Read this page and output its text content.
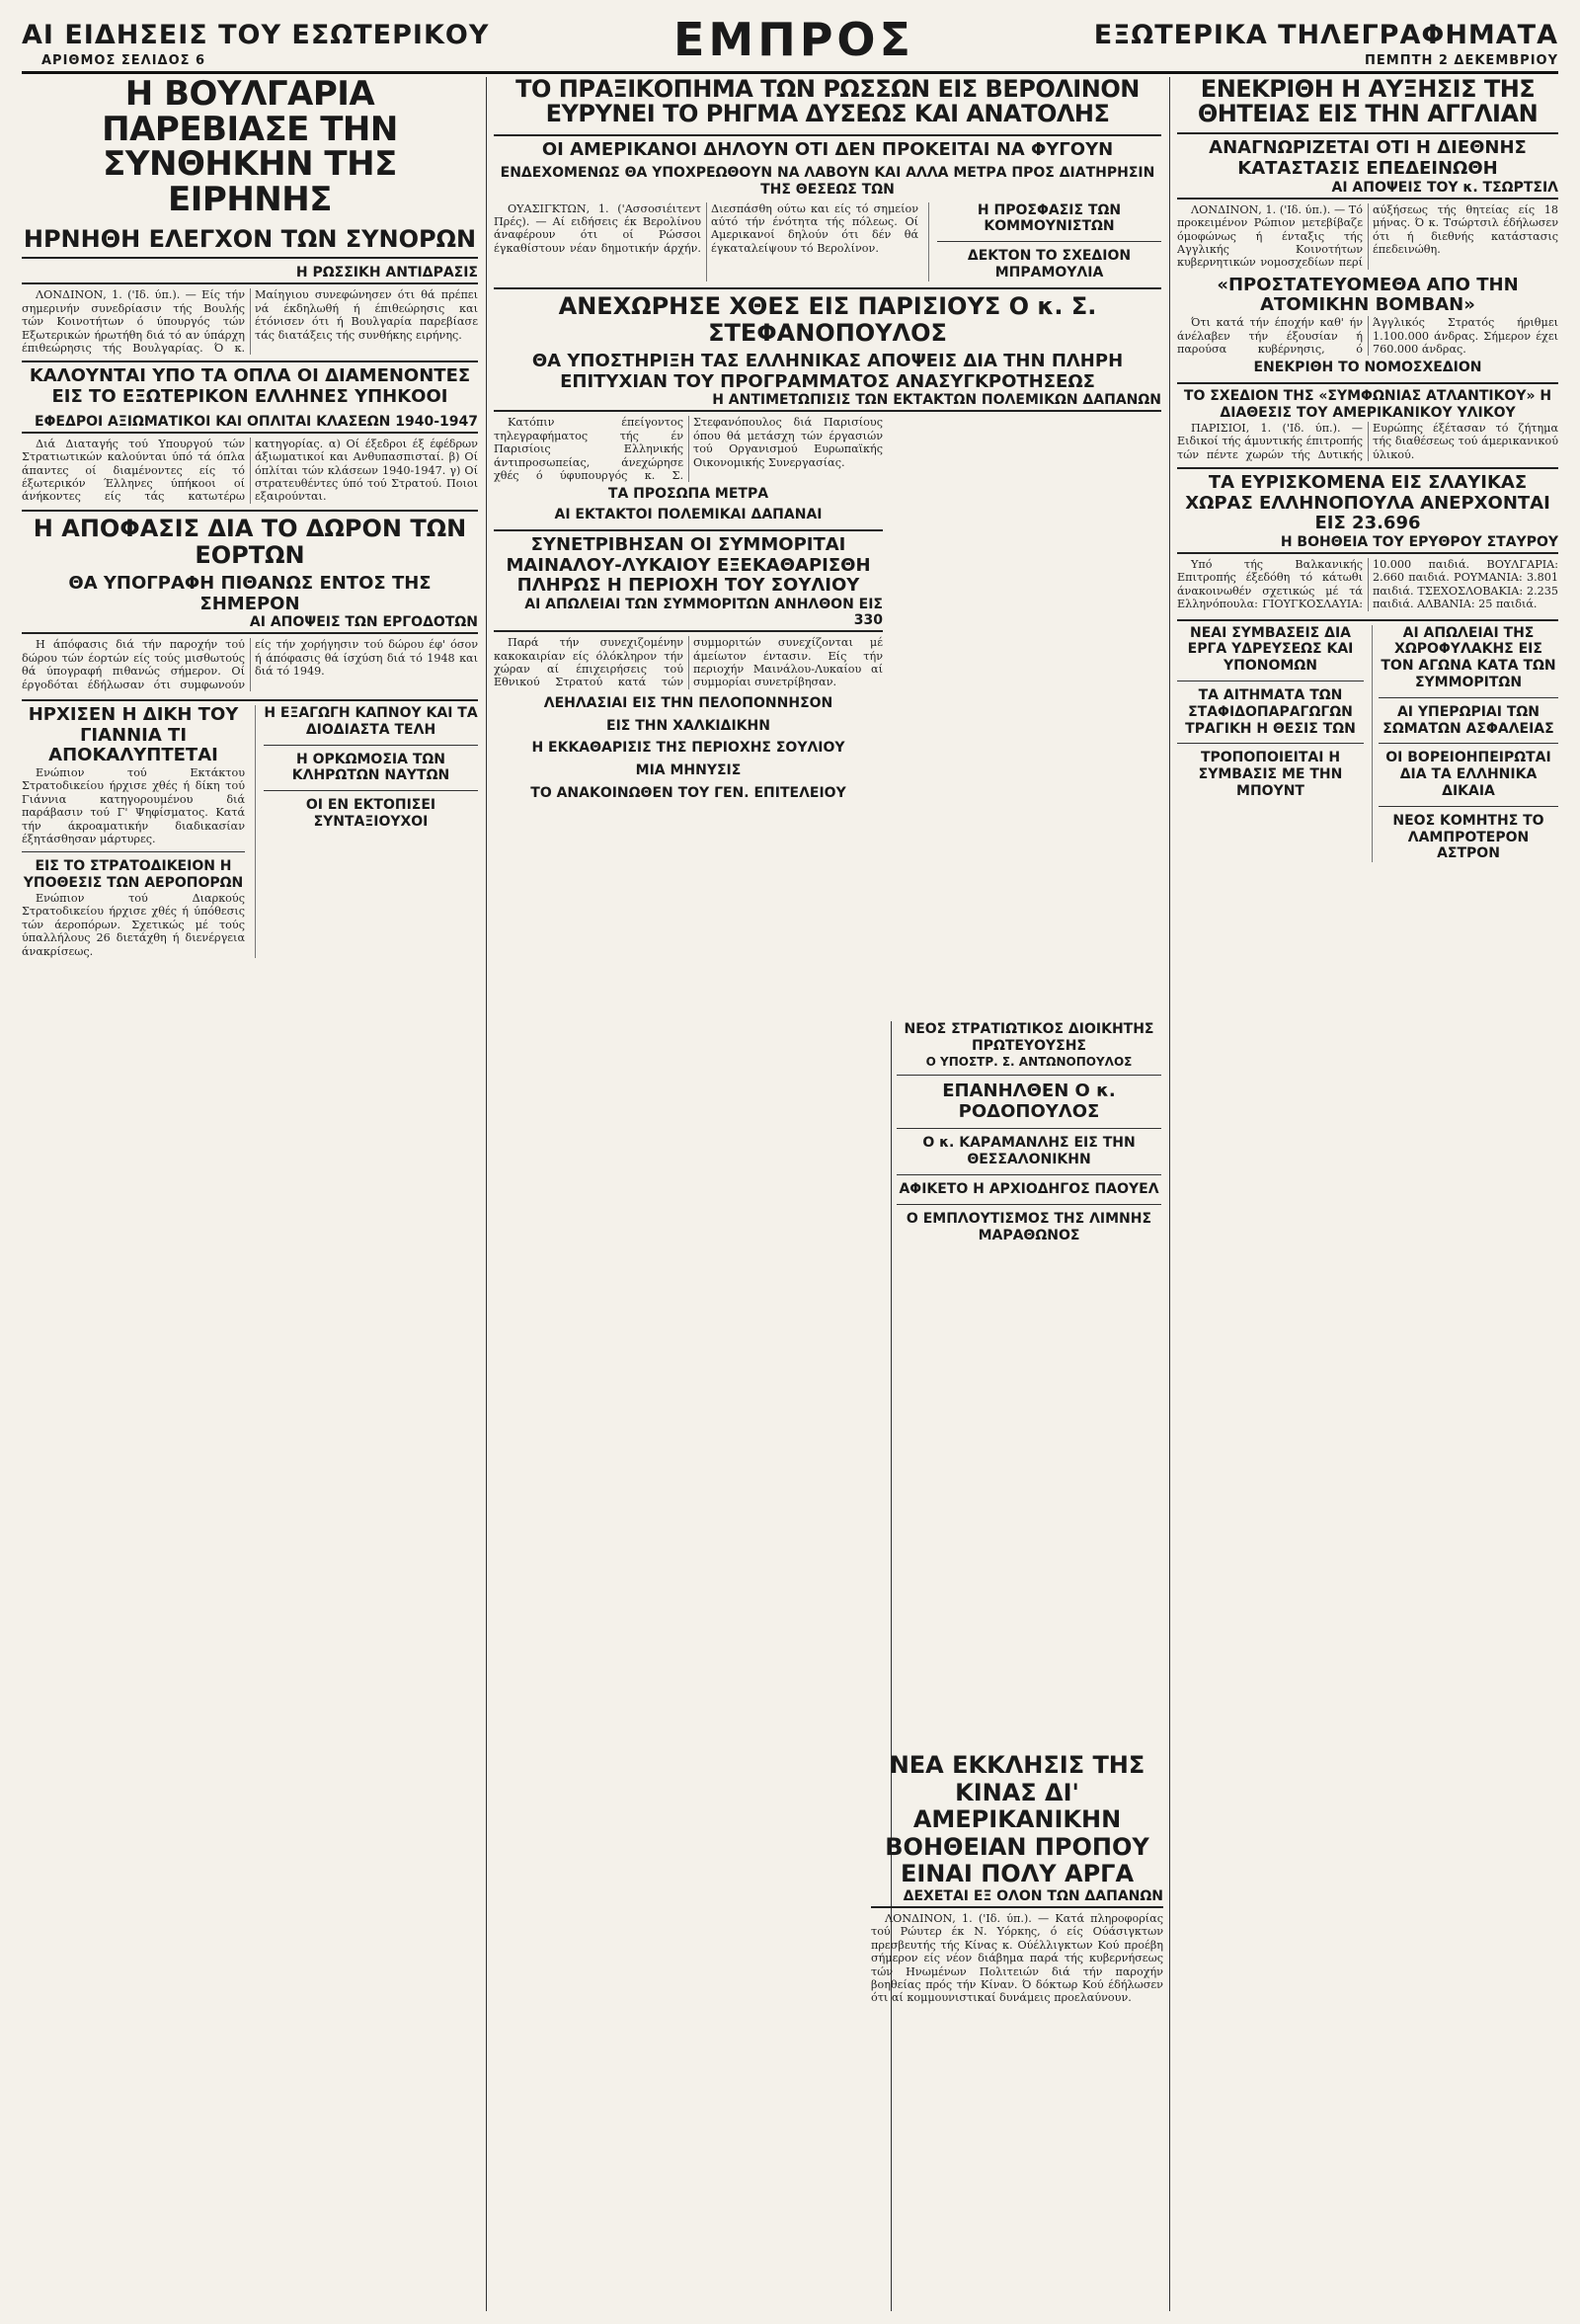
ΑΙ ΕΙΔΗΣΕΙΣ ΤΟΥ ΕΣΩΤΕΡΙΚΟΥ
ΑΡΙΘΜΟΣ ΣΕΛΙΔΟΣ 6	ΕΜΠΡΟΣ	ΕΞΩΤΕΡΙΚΑ ΤΗΛΕΓΡΑΦΗΜΑΤΑ
ΠΕΜΠΤΗ 2 ΔΕΚΕΜΒΡΙΟΥ
Η ΒΟΥΛΓΑΡΙΑ ΠΑΡΕΒΙΑΣΕ ΤΗΝ ΣΥΝΘΗΚΗΝ ΤΗΣ ΕΙΡΗΝΗΣ
ΗΡΝΗΘΗ ΕΛΕΓΧΟΝ ΤΩΝ ΣΥΝΟΡΩΝ
Η ΡΩΣΣΙΚΗ ΑΝΤΙΔΡΑΣΙΣ
ΛΟΝΔΙΝΟΝ, 1. ('Ιδ. ύπ.). — Είς τήν σημερινήν συνεδρίασιν τής Βουλής τών Κοινοτήτων ό ύπουργός τών Εξωτερικών ήρωτήθη διά τό αν ύπάρχη έπιθεώρησις τής Βουλγαρίας. Ό κ. Μαίηγιου συνεφώνησεν ότι θά πρέπει νά έκδηλωθή ή έπιθεώρησις και έτόνισεν ότι ή Βουλγαρία παρεβίασε τάς διατάξεις τής συνθήκης ειρήνης.
ΚΑΛΟΥΝΤΑΙ ΥΠΟ ΤΑ ΟΠΛΑ ΟΙ ΔΙΑΜΕΝΟΝΤΕΣ ΕΙΣ ΤΟ ΕΞΩΤΕΡΙΚΟΝ ΕΛΛΗΝΕΣ ΥΠΗΚΟΟΙ
ΕΦΕΔΡΟΙ ΑΞΙΩΜΑΤΙΚΟΙ ΚΑΙ ΟΠΛΙΤΑΙ ΚΛΑΣΕΩΝ 1940-1947
Διά Διαταγής τού Υπουργού τών Στρατιωτικών καλούνται ύπό τά όπλα άπαντες οί διαμένοντες είς τό έξωτερικόν Έλληνες ύπήκοοι οί άνήκοντες είς τάς κατωτέρω κατηγορίας. α) Οί έξεδροι έξ έφέδρων άξιωματικοί και Ανθυπασπισταί. β) Οί όπλίται τών κλάσεων 1940-1947. γ) Οί στρατευθέντες ύπό τού Στρατού. Ποιοι εξαιρούνται.
Η ΑΠΟΦΑΣΙΣ ΔΙΑ ΤΟ ΔΩΡΟΝ ΤΩΝ ΕΟΡΤΩΝ
ΘΑ ΥΠΟΓΡΑΦΗ ΠΙΘΑΝΩΣ ΕΝΤΟΣ ΤΗΣ ΣΗΜΕΡΟΝ
ΑΙ ΑΠΟΨΕΙΣ ΤΩΝ ΕΡΓΟΔΟΤΩΝ
Η άπόφασις διά τήν παροχήν τού δώρου τών έορτών είς τούς μισθωτούς θά ύπογραφή πιθανώς σήμερον. Οί έργοδόται έδήλωσαν ότι συμφωνούν είς τήν χορήγησιν τού δώρου έφ' όσον ή άπόφασις θά ίσχύση διά τό 1948 και διά τό 1949.
ΗΡΧΙΣΕΝ Η ΔΙΚΗ ΤΟΥ ΓΙΑΝΝΙΑ ΤΙ ΑΠΟΚΑΛΥΠΤΕΤΑΙ
Ενώπιον τού Εκτάκτου Στρατοδικείου ήρχισε χθές ή δίκη τού Γιάννια κατηγορουμένου διά παράβασιν τού Γ' Ψηφίσματος. Κατά τήν άκροαματικήν διαδικασίαν έξητάσθησαν μάρτυρες.
ΕΙΣ ΤΟ ΣΤΡΑΤΟΔΙΚΕΙΟΝ Η ΥΠΟΘΕΣΙΣ ΤΩΝ ΑΕΡΟΠΟΡΩΝ
Ενώπιον τού Διαρκούς Στρατοδικείου ήρχισε χθές ή ύπόθεσις τών άεροπόρων. Σχετικώς μέ τούς ύπαλλήλους 26 διετάχθη ή διενέργεια άνακρίσεως.
Η ΕΞΑΓΩΓΗ ΚΑΠΝΟΥ ΚΑΙ ΤΑ ΔΙΟΔΙΑΣΤΑ ΤΕΛΗ
Η ΟΡΚΩΜΟΣΙΑ ΤΩΝ ΚΛΗΡΩΤΩΝ ΝΑΥΤΩΝ
ΟΙ ΕΝ ΕΚΤΟΠΙΣΕΙ ΣΥΝΤΑΞΙΟΥΧΟΙ
ΤΟ ΠΡΑΞΙΚΟΠΗΜΑ ΤΩΝ ΡΩΣΣΩΝ ΕΙΣ ΒΕΡΟΛΙΝΟΝ ΕΥΡΥΝΕΙ ΤΟ ΡΗΓΜΑ ΔΥΣΕΩΣ ΚΑΙ ΑΝΑΤΟΛΗΣ
ΟΙ ΑΜΕΡΙΚΑΝΟΙ ΔΗΛΟΥΝ ΟΤΙ ΔΕΝ ΠΡΟΚΕΙΤΑΙ ΝΑ ΦΥΓΟΥΝ
ΕΝΔΕΧΟΜΕΝΩΣ ΘΑ ΥΠΟΧΡΕΩΘΟΥΝ ΝΑ ΛΑΒΟΥΝ ΚΑΙ ΑΛΛΑ ΜΕΤΡΑ ΠΡΟΣ ΔΙΑΤΗΡΗΣΙΝ ΤΗΣ ΘΕΣΕΩΣ ΤΩΝ
ΟΥΑΣΙΓΚΤΩΝ, 1. ('Ασσοσιέιτεντ Πρές). — Αί ειδήσεις έκ Βερολίνου άναφέρουν ότι οί Ρώσσοι έγκαθίστουν νέαν δημοτικήν άρχήν. Διεσπάσθη ούτω και είς τό σημείον αύτό τήν ένότητα τής πόλεως. Οί Αμερικανοί δηλούν ότι δέν θά έγκαταλείψουν τό Βερολίνον.
Η ΠΡΟΣΦΑΣΙΣ ΤΩΝ ΚΟΜΜΟΥΝΙΣΤΩΝ
ΔΕΚΤΟΝ ΤΟ ΣΧΕΔΙΟΝ ΜΠΡΑΜΟΥΛΙΑ
ΑΝΕΧΩΡΗΣΕ ΧΘΕΣ ΕΙΣ ΠΑΡΙΣΙΟΥΣ Ο κ. Σ. ΣΤΕΦΑΝΟΠΟΥΛΟΣ
ΘΑ ΥΠΟΣΤΗΡΙΞΗ ΤΑΣ ΕΛΛΗΝΙΚΑΣ ΑΠΟΨΕΙΣ ΔΙΑ ΤΗΝ ΠΛΗΡΗ ΕΠΙΤΥΧΙΑΝ ΤΟΥ ΠΡΟΓΡΑΜΜΑΤΟΣ ΑΝΑΣΥΓΚΡΟΤΗΣΕΩΣ
Η ΑΝΤΙΜΕΤΩΠΙΣΙΣ ΤΩΝ ΕΚΤΑΚΤΩΝ ΠΟΛΕΜΙΚΩΝ ΔΑΠΑΝΩΝ
Κατόπιν έπείγοντος τηλεγραφήματος τής έν Παρισίοις Ελληνικής άντιπροσωπείας, άνεχώρησε χθές ό ύφυπουργός κ. Σ. Στεφανόπουλος διά Παρισίους όπου θά μετάσχη τών έργασιών τού Οργανισμού Ευρωπαϊκής Οικονομικής Συνεργασίας.
ΤΑ ΠΡΟΣΩΠΑ ΜΕΤΡΑ
ΑΙ ΕΚΤΑΚΤΟΙ ΠΟΛΕΜΙΚΑΙ ΔΑΠΑΝΑΙ
ΣΥΝΕΤΡΙΒΗΣΑΝ ΟΙ ΣΥΜΜΟΡΙΤΑΙ ΜΑΙΝΑΛΟΥ-ΛΥΚΑΙΟΥ ΕΞΕΚΑΘΑΡΙΣΘΗ ΠΛΗΡΩΣ Η ΠΕΡΙΟΧΗ ΤΟΥ ΣΟΥΛΙΟΥ
ΑΙ ΑΠΩΛΕΙΑΙ ΤΩΝ ΣΥΜΜΟΡΙΤΩΝ ΑΝΗΛΘΟΝ ΕΙΣ 330
Παρά τήν συνεχιζομένην κακοκαιρίαν είς όλόκληρον τήν χώραν αί έπιχειρήσεις τού Εθνικού Στρατού κατά τών συμμοριτών συνεχίζονται μέ άμείωτον έντασιν. Είς τήν περιοχήν Μαινάλου-Λυκαίου αί συμμορίαι συνετρίβησαν.
ΛΕΗΛΑΣΙΑΙ ΕΙΣ ΤΗΝ ΠΕΛΟΠΟΝΝΗΣΟΝ
ΕΙΣ ΤΗΝ ΧΑΛΚΙΔΙΚΗΝ
Η ΕΚΚΑΘΑΡΙΣΙΣ ΤΗΣ ΠΕΡΙΟΧΗΣ ΣΟΥΛΙΟΥ
ΜΙΑ ΜΗΝΥΣΙΣ
ΤΟ ΑΝΑΚΟΙΝΩΘΕΝ ΤΟΥ ΓΕΝ. ΕΠΙΤΕΛΕΙΟΥ
ΝΕΟΣ ΣΤΡΑΤΙΩΤΙΚΟΣ ΔΙΟΙΚΗΤΗΣ ΠΡΩΤΕΥΟΥΣΗΣ
Ο ΥΠΟΣΤΡ. Σ. ΑΝΤΩΝΟΠΟΥΛΟΣ
ΕΠΑΝΗΛΘΕΝ Ο κ. ΡΟΔΟΠΟΥΛΟΣ
Ο κ. ΚΑΡΑΜΑΝΛΗΣ ΕΙΣ ΤΗΝ ΘΕΣΣΑΛΟΝΙΚΗΝ
ΑΦΙΚΕΤΟ Η ΑΡΧΙΟΔΗΓΟΣ ΠΑΟΥΕΛ
Ο ΕΜΠΛΟΥΤΙΣΜΟΣ ΤΗΣ ΛΙΜΝΗΣ ΜΑΡΑΘΩΝΟΣ
ΝΕΑ ΕΚΚΛΗΣΙΣ ΤΗΣ ΚΙΝΑΣ ΔΙ' ΑΜΕΡΙΚΑΝΙΚΗΝ ΒΟΗΘΕΙΑΝ ΠΡΟΠΟΥ ΕΙΝΑΙ ΠΟΛΥ ΑΡΓΑ
ΔΕΧΕΤΑΙ ΕΞ ΟΛΟΝ ΤΩΝ ΔΑΠΑΝΩΝ
ΛΟΝΔΙΝΟΝ, 1. ('Ιδ. ύπ.). — Κατά πληροφορίας τού Ρώυτερ έκ Ν. Υόρκης, ό είς Ούάσιγκτων πρεσβευτής τής Κίνας κ. Ούέλλιγκτων Κού προέβη σήμερον είς νέον διάβημα παρά τής κυβερνήσεως τών Ηνωμένων Πολιτειών διά τήν παροχήν βοηθείας πρός τήν Κίναν. Ό δόκτωρ Κού έδήλωσεν ότι αί κομμουνιστικαί δυνάμεις προελαύνουν.
ΕΝΕΚΡΙΘΗ Η ΑΥΞΗΣΙΣ ΤΗΣ ΘΗΤΕΙΑΣ ΕΙΣ ΤΗΝ ΑΓΓΛΙΑΝ
ΑΝΑΓΝΩΡΙΖΕΤΑΙ ΟΤΙ Η ΔΙΕΘΝΗΣ ΚΑΤΑΣΤΑΣΙΣ ΕΠΕΔΕΙΝΩΘΗ
ΑΙ ΑΠΟΨΕΙΣ ΤΟΥ κ. ΤΣΩΡΤΣΙΛ
ΛΟΝΔΙΝΟΝ, 1. ('Ιδ. ύπ.). — Τό προκειμένον Ρώπιον μετεβίβαζε όμοφώνως ή ένταξις τής Αγγλικής Κοινοτήτων κυβερνητικών νομοσχεδίων περί αύξήσεως τής θητείας είς 18 μήνας. Ό κ. Τσώρτσιλ έδήλωσεν ότι ή διεθνής κατάστασις έπεδεινώθη.
«ΠΡΟΣΤΑΤΕΥΟΜΕΘΑ ΑΠΟ ΤΗΝ ΑΤΟΜΙΚΗΝ ΒΟΜΒΑΝ»
Ότι κατά τήν έποχήν καθ' ήν άνέλαβεν τήν έξουσίαν ή παρούσα κυβέρνησις, ό Άγγλικός Στρατός ήριθμει 1.100.000 άνδρας. Σήμερον έχει 760.000 άνδρας.
ΕΝΕΚΡΙΘΗ ΤΟ ΝΟΜΟΣΧΕΔΙΟΝ
ΤΟ ΣΧΕΔΙΟΝ ΤΗΣ «ΣΥΜΦΩΝΙΑΣ ΑΤΛΑΝΤΙΚΟΥ» Η ΔΙΑΘΕΣΙΣ ΤΟΥ ΑΜΕΡΙΚΑΝΙΚΟΥ ΥΛΙΚΟΥ
ΠΑΡΙΣΙΟΙ, 1. ('Ιδ. ύπ.). — Ειδικοί τής άμυντικής έπιτροπής τών πέντε χωρών τής Δυτικής Ευρώπης έξέτασαν τό ζήτημα τής διαθέσεως τού άμερικανικού ύλικού.
ΤΑ ΕΥΡΙΣΚΟΜΕΝΑ ΕΙΣ ΣΛΑΥΙΚΑΣ ΧΩΡΑΣ ΕΛΛΗΝΟΠΟΥΛΑ ΑΝΕΡΧΟΝΤΑΙ ΕΙΣ 23.696
Η ΒΟΗΘΕΙΑ ΤΟΥ ΕΡΥΘΡΟΥ ΣΤΑΥΡΟΥ
Υπό τής Βαλκανικής Επιτροπής έξεδόθη τό κάτωθι άνακοινωθέν σχετικώς μέ τά Ελληνόπουλα: ΓΙΟΥΓΚΟΣΛΑΥΙΑ: 10.000 παιδιά. ΒΟΥΛΓΑΡΙΑ: 2.660 παιδιά. ΡΟΥΜΑΝΙΑ: 3.801 παιδιά. ΤΣΕΧΟΣΛΟΒΑΚΙΑ: 2.235 παιδιά. ΑΛΒΑΝΙΑ: 25 παιδιά.
ΝΕΑΙ ΣΥΜΒΑΣΕΙΣ ΔΙΑ ΕΡΓΑ ΥΔΡΕΥΣΕΩΣ ΚΑΙ ΥΠΟΝΟΜΩΝ
ΤΑ ΑΙΤΗΜΑΤΑ ΤΩΝ ΣΤΑΦΙΔΟΠΑΡΑΓΩΓΩΝ ΤΡΑΓΙΚΗ Η ΘΕΣΙΣ ΤΩΝ
ΤΡΟΠΟΠΟΙΕΙΤΑΙ Η ΣΥΜΒΑΣΙΣ ΜΕ ΤΗΝ ΜΠΟΥΝΤ
ΑΙ ΑΠΩΛΕΙΑΙ ΤΗΣ ΧΩΡΟΦΥΛΑΚΗΣ ΕΙΣ ΤΟΝ ΑΓΩΝΑ ΚΑΤΑ ΤΩΝ ΣΥΜΜΟΡΙΤΩΝ
ΑΙ ΥΠΕΡΩΡΙΑΙ ΤΩΝ ΣΩΜΑΤΩΝ ΑΣΦΑΛΕΙΑΣ
ΟΙ ΒΟΡΕΙΟΗΠΕΙΡΩΤΑΙ ΔΙΑ ΤΑ ΕΛΛΗΝΙΚΑ ΔΙΚΑΙΑ
ΝΕΟΣ ΚΟΜΗΤΗΣ ΤΟ ΛΑΜΠΡΟΤΕΡΟΝ ΑΣΤΡΟΝ
